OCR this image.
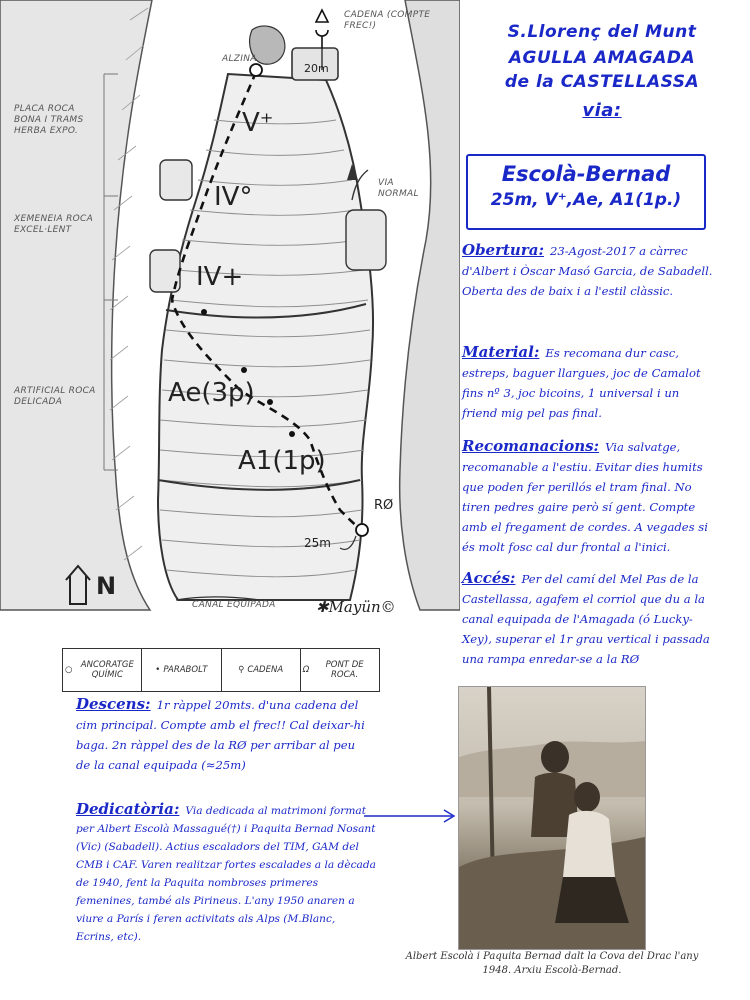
ALZINA
CADENA (COMPTE FREC!)
20m
V⁺
IV°
IV+
Ae(3p)
A1(1p)
PLACA ROCA BONA I TRAMS HERBA EXPO.
XEMENEIA ROCA EXCEL·LENT
ARTIFICIAL ROCA DELICADA
VIA NORMAL
RØ
25m
N
CANAL EQUIPADA	✱Mayün©
S.Llorenç del Munt
AGULLA AMAGADA
de la CASTELLASSA
via:
Escolà-Bernad
25m, V⁺,Ae, A1(1p.)
Obertura: 23-Agost-2017 a càrrec d'Albert i Òscar Masó Garcia, de Sabadell. Oberta des de baix i a l'estil clàssic.
Material: Es recomana dur casc, estreps, baguer llargues, joc de Camalot fins nº 3, joc bicoins, 1 universal i un friend mig pel pas final.
Recomanacions: Via salvatge, recomanable a l'estiu. Evitar dies humits que poden fer perillós el tram final. No tiren pedres gaire però sí gent. Compte amb el fregament de cordes. A vegades si és molt fosc cal dur frontal a l'inici.
Accés: Per del camí del Mel Pas de la Castellassa, agafem el corriol que du a la canal equipada de l'Amagada (ó Lucky-Xey), superar el 1r grau vertical i passada una rampa enredar-se a la RØ
○ ANCORATGE QUÍMIC	• PARABOLT	⚲ CADENA Ω	PONT DE ROCA.
Descens: 1r ràppel 20mts. d'una cadena del cim principal. Compte amb el frec!! Cal deixar-hi baga. 2n ràppel des de la RØ per arribar al peu de la canal equipada (≈25m)
Dedicatòria: Via dedicada al matrimoni format per Albert Escolà Massagué(†) i Paquita Bernad Nosant (Vic) (Sabadell). Actius escaladors del TIM, GAM del CMB i CAF. Varen realitzar fortes escalades a la dècada de 1940, fent la Paquita nombroses primeres femenines, també als Pirineus. L'any 1950 anaren a viure a París i feren activitats als Alps (M.Blanc, Ecrins, etc).
Albert Escolà i Paquita Bernad dalt la Cova del Drac l'any 1948. Arxiu Escolà-Bernad.
